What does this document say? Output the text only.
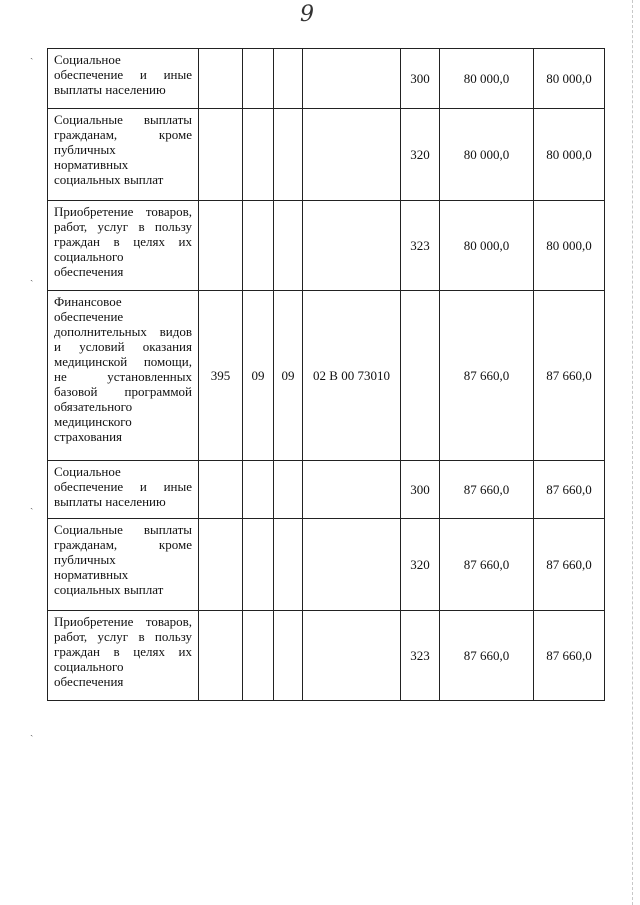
9
ˎ
ˎ
ˎ
ˎ
Социальное обеспечение и иные выплаты населению					300	80 000,0	80 000,0
Социальные выплаты гражданам, кроме публичных нормативных социальных выплат					320	80 000,0	80 000,0
Приобретение товаров, работ, услуг в пользу граждан в целях их социального обеспечения					323	80 000,0	80 000,0
Финансовое обеспечение дополнительных видов и условий оказания медицинской помощи, не установленных базовой программой обязательного медицинского страхования	395	09	09	02 В 00 73010		87 660,0	87 660,0
Социальное обеспечение и иные выплаты населению					300	87 660,0	87 660,0
Социальные выплаты гражданам, кроме публичных нормативных социальных выплат					320	87 660,0	87 660,0
Приобретение товаров, работ, услуг в пользу граждан в целях их социального обеспечения					323	87 660,0	87 660,0
